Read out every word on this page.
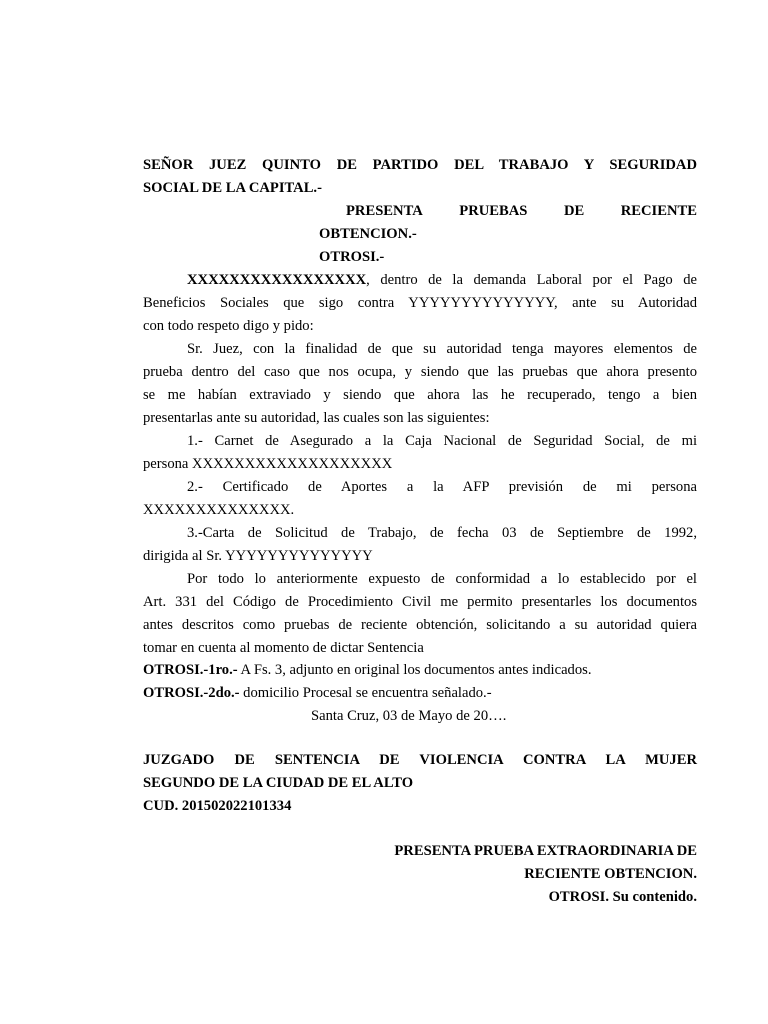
SEÑOR JUEZ QUINTO DE PARTIDO DEL TRABAJO Y SEGURIDAD
SOCIAL DE LA CAPITAL.-
PRESENTA	PRUEBAS	DE	RECIENTE
OBTENCION.-
OTROSI.-
XXXXXXXXXXXXXXXXX, dentro de la demanda Laboral por el Pago de
Beneficios Sociales que sigo contra YYYYYYYYYYYYYY, ante su Autoridad
con todo respeto digo y pido:
Sr. Juez, con la finalidad de que su autoridad tenga mayores elementos de
prueba dentro del caso que nos ocupa, y siendo que las pruebas que ahora presento
se me habían extraviado y siendo que ahora las he recuperado, tengo a bien
presentarlas ante su autoridad, las cuales son las siguientes:
1.- Carnet de Asegurado a la Caja Nacional de Seguridad Social, de mi
persona XXXXXXXXXXXXXXXXXXX
2.- Certificado de Aportes a la AFP previsión de mi persona
XXXXXXXXXXXXXX.
3.-Carta de Solicitud de Trabajo, de fecha 03 de Septiembre de 1992,
dirigida al Sr. YYYYYYYYYYYYYY
Por todo lo anteriormente expuesto de conformidad a lo establecido por el
Art. 331 del Código de Procedimiento Civil me permito presentarles los documentos
antes descritos como pruebas de reciente obtención, solicitando a su autoridad quiera
tomar en cuenta al momento de dictar Sentencia
OTROSI.-1ro.- A Fs. 3, adjunto en original los documentos antes indicados.
OTROSI.-2do.- domicilio Procesal se encuentra señalado.-
Santa Cruz, 03 de Mayo de 20….
JUZGADO DE SENTENCIA DE VIOLENCIA CONTRA LA MUJER
SEGUNDO DE LA CIUDAD DE EL ALTO
CUD. 201502022101334
PRESENTA PRUEBA EXTRAORDINARIA DE
RECIENTE OBTENCION.
OTROSI. Su contenido.
